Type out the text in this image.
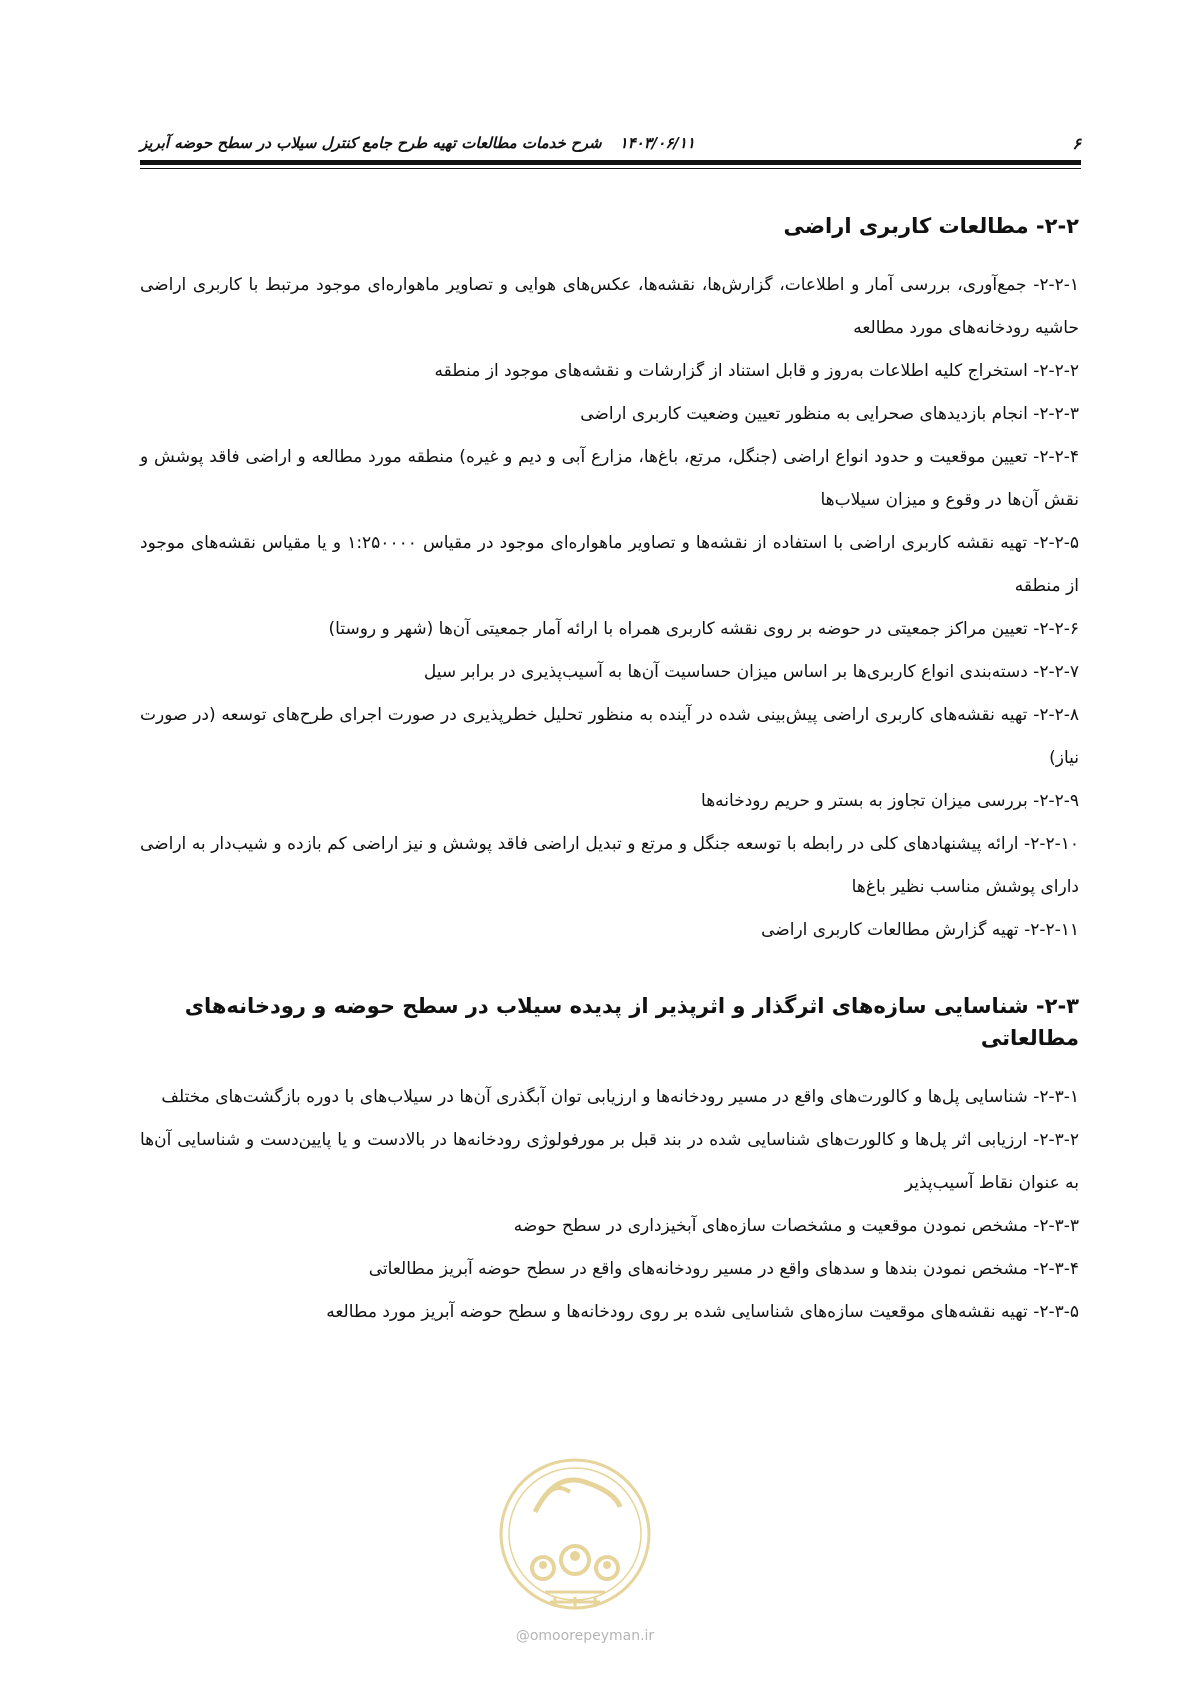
۶
۱۴۰۳/۰۶/۱۱
شرح خدمات مطالعات تهیه طرح جامع کنترل سیلاب در سطح حوضه آبریز
۲-۲- مطالعات کاربری اراضی
۲-۲-۱- جمع‌آوری، بررسی آمار و اطلاعات، گزارش‌ها، نقشه‌ها، عکس‌های هوایی و تصاویر ماهواره‌ای موجود مرتبط با کاربری اراضی حاشیه رودخانه‌های مورد مطالعه
۲-۲-۲- استخراج کلیه اطلاعات به‌روز و قابل استناد از گزارشات و نقشه‌های موجود از منطقه
۲-۲-۳- انجام بازدیدهای صحرایی به منظور تعیین وضعیت کاربری اراضی
۲-۲-۴- تعیین موقعیت و حدود انواع اراضی (جنگل، مرتع، باغ‌ها، مزارع آبی و دیم و غیره) منطقه مورد مطالعه و اراضی فاقد پوشش و نقش آن‌ها در وقوع و میزان سیلاب‌ها
۲-۲-۵- تهیه نقشه کاربری اراضی با استفاده از نقشه‌ها و تصاویر ماهواره‌ای موجود در مقیاس ۱:۲۵۰۰۰۰ و یا مقیاس نقشه‌های موجود از منطقه
۲-۲-۶- تعیین مراکز جمعیتی در حوضه بر روی نقشه کاربری همراه با ارائه آمار جمعیتی آن‌ها (شهر و روستا)
۲-۲-۷- دسته‌بندی انواع کاربری‌ها بر اساس میزان حساسیت آن‌ها به آسیب‌پذیری در برابر سیل
۲-۲-۸- تهیه نقشه‌های کاربری اراضی پیش‌بینی شده در آینده به منظور تحلیل خطرپذیری در صورت اجرای طرح‌های توسعه (در صورت نیاز)
۲-۲-۹- بررسی میزان تجاوز به بستر و حریم رودخانه‌ها
۲-۲-۱۰- ارائه پیشنهادهای کلی در رابطه با توسعه جنگل و مرتع و تبدیل اراضی فاقد پوشش و نیز اراضی کم بازده و شیب‌دار به اراضی دارای پوشش مناسب نظیر باغ‌ها
۲-۲-۱۱- تهیه گزارش مطالعات کاربری اراضی
۲-۳- شناسایی سازه‌های اثرگذار و اثرپذیر از پدیده سیلاب در سطح حوضه و رودخانه‌های مطالعاتی
۲-۳-۱- شناسایی پل‌ها و کالورت‌های واقع در مسیر رودخانه‌ها و ارزیابی توان آبگذری آن‌ها در سیلاب‌های با دوره بازگشت‌های مختلف
۲-۳-۲- ارزیابی اثر پل‌ها و کالورت‌های شناسایی شده در بند قبل بر مورفولوژی رودخانه‌ها در بالادست و یا پایین‌دست و شناسایی آن‌ها به عنوان نقاط آسیب‌پذیر
۲-۳-۳- مشخص نمودن موقعیت و مشخصات سازه‌های آبخیزداری در سطح حوضه
۲-۳-۴- مشخص نمودن بندها و سدهای واقع در مسیر رودخانه‌های واقع در سطح حوضه آبریز مطالعاتی
۲-۳-۵- تهیه نقشه‌های موقعیت سازه‌های شناسایی شده بر روی رودخانه‌ها و سطح حوضه آبریز مورد مطالعه
@omoorepeyman.ir
